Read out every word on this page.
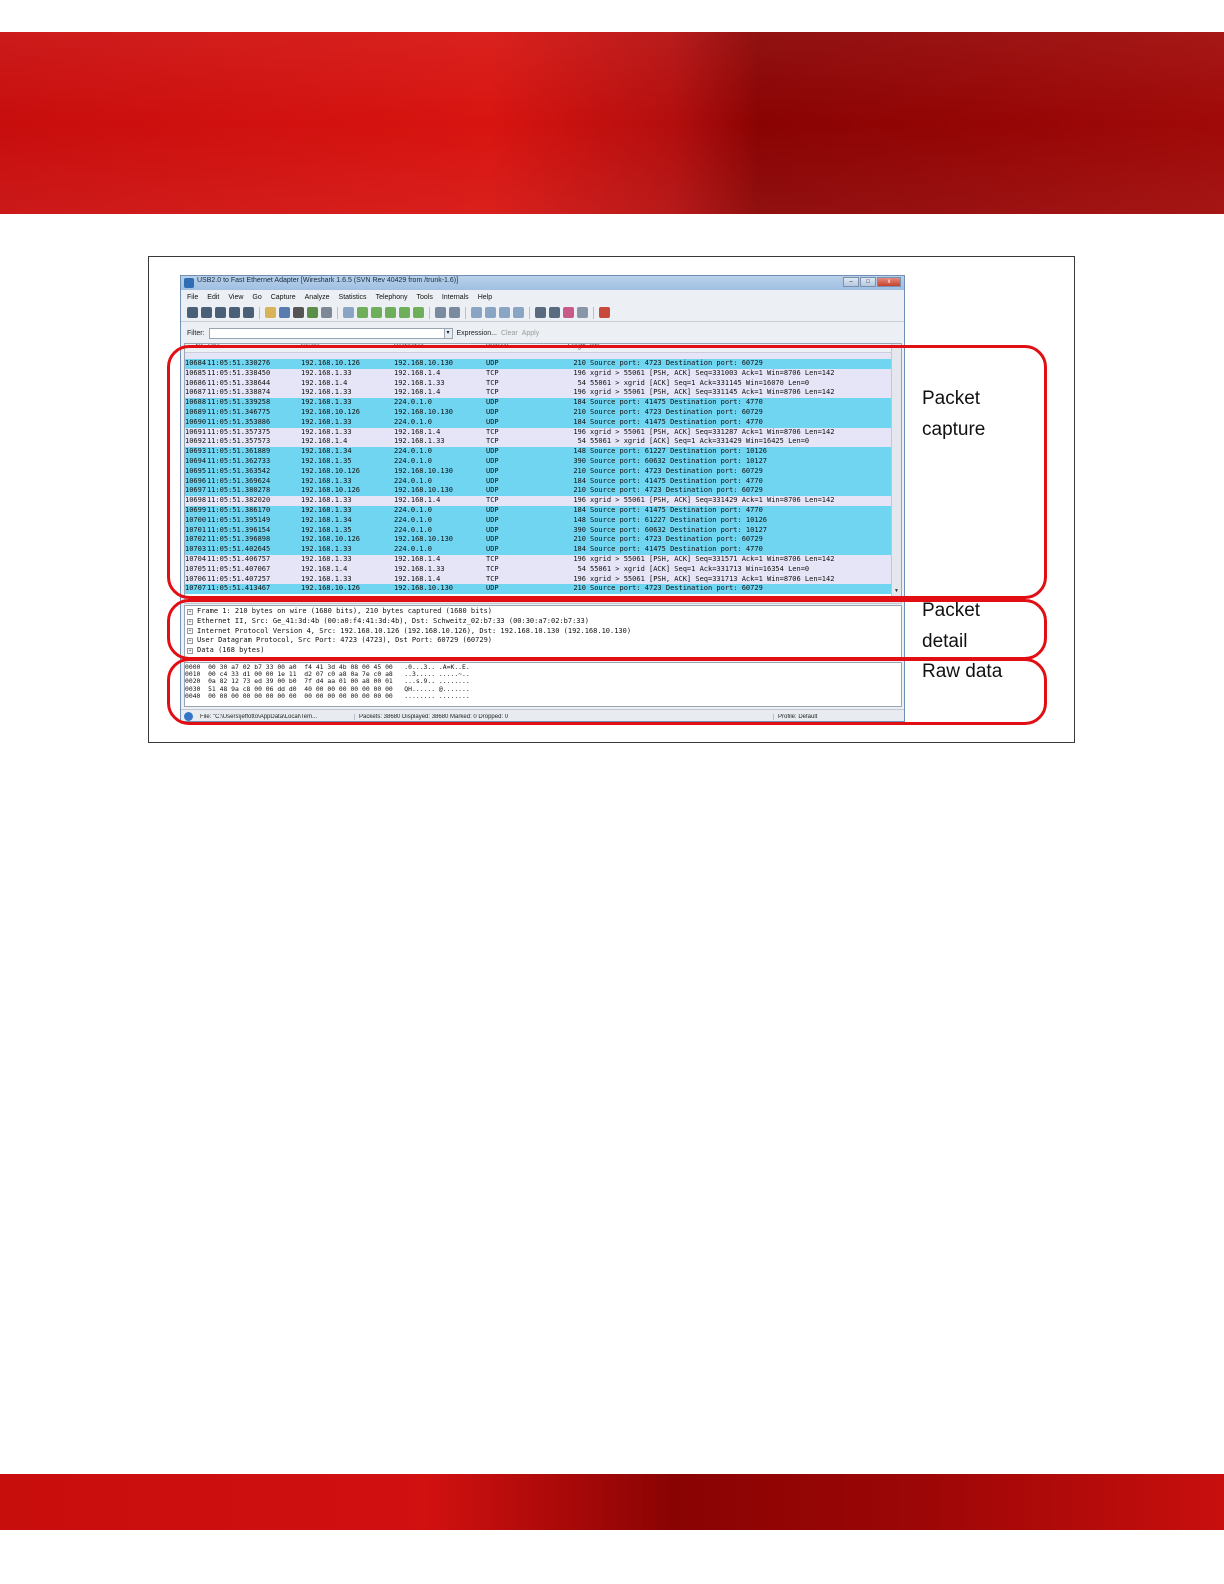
USB2.0 to Fast Ethernet Adapter [Wireshark 1.6.5 (SVN Rev 40429 from /trunk-1.6)]	–	□	x
File Edit View Go Capture Analyze Statistics Telephony Tools Internals Help
Filter:	▾	Expression... Clear Apply
No. Time	Source	Destination	Protocol	Length Info
10684 11:05:51.330276	192.168.10.126	192.168.10.130	UDP	210 Source port: 4723 Destination port: 60729
10685 11:05:51.338450	192.168.1.33	192.168.1.4	TCP	196 xgrid > 55061 [PSH, ACK] Seq=331003 Ack=1 Win=8706 Len=142
10686 11:05:51.338644	192.168.1.4	192.168.1.33	TCP	54 55061 > xgrid [ACK] Seq=1 Ack=331145 Win=16070 Len=0
10687 11:05:51.338874	192.168.1.33	192.168.1.4	TCP	196 xgrid > 55061 [PSH, ACK] Seq=331145 Ack=1 Win=8706 Len=142
10688 11:05:51.339258	192.168.1.33	224.0.1.0	UDP	184 Source port: 41475 Destination port: 4770
10689 11:05:51.346775	192.168.10.126	192.168.10.130	UDP	210 Source port: 4723 Destination port: 60729
10690 11:05:51.353886	192.168.1.33	224.0.1.0	UDP	184 Source port: 41475 Destination port: 4770
10691 11:05:51.357375	192.168.1.33	192.168.1.4	TCP	196 xgrid > 55061 [PSH, ACK] Seq=331287 Ack=1 Win=8706 Len=142
10692 11:05:51.357573	192.168.1.4	192.168.1.33	TCP	54 55061 > xgrid [ACK] Seq=1 Ack=331429 Win=16425 Len=0
10693 11:05:51.361889	192.168.1.34	224.0.1.0	UDP	148 Source port: 61227 Destination port: 10126
10694 11:05:51.362733	192.168.1.35	224.0.1.0	UDP	390 Source port: 60632 Destination port: 10127
10695 11:05:51.363542	192.168.10.126	192.168.10.130	UDP	210 Source port: 4723 Destination port: 60729
10696 11:05:51.369624	192.168.1.33	224.0.1.0	UDP	184 Source port: 41475 Destination port: 4770
10697 11:05:51.380278	192.168.10.126	192.168.10.130	UDP	210 Source port: 4723 Destination port: 60729
10698 11:05:51.382020	192.168.1.33	192.168.1.4	TCP	196 xgrid > 55061 [PSH, ACK] Seq=331429 Ack=1 Win=8706 Len=142
10699 11:05:51.386170	192.168.1.33	224.0.1.0	UDP	184 Source port: 41475 Destination port: 4770
10700 11:05:51.395149	192.168.1.34	224.0.1.0	UDP	148 Source port: 61227 Destination port: 10126
10701 11:05:51.396154	192.168.1.35	224.0.1.0	UDP	390 Source port: 60632 Destination port: 10127
10702 11:05:51.396898	192.168.10.126	192.168.10.130	UDP	210 Source port: 4723 Destination port: 60729
10703 11:05:51.402645	192.168.1.33	224.0.1.0	UDP	184 Source port: 41475 Destination port: 4770
10704 11:05:51.406757	192.168.1.33	192.168.1.4	TCP	196 xgrid > 55061 [PSH, ACK] Seq=331571 Ack=1 Win=8706 Len=142
10705 11:05:51.407067	192.168.1.4	192.168.1.33	TCP	54 55061 > xgrid [ACK] Seq=1 Ack=331713 Win=16354 Len=0
10706 11:05:51.407257	192.168.1.33	192.168.1.4	TCP	196 xgrid > 55061 [PSH, ACK] Seq=331713 Ack=1 Win=8706 Len=142
10707 11:05:51.413467	192.168.10.126	192.168.10.130	UDP	210 Source port: 4723 Destination port: 60729	▼
+ Frame 1: 210 bytes on wire (1680 bits), 210 bytes captured (1680 bits)
+ Ethernet II, Src: Ge_41:3d:4b (00:a0:f4:41:3d:4b), Dst: Schweitz_02:b7:33 (00:30:a7:02:b7:33)
+ Internet Protocol Version 4, Src: 192.168.10.126 (192.168.10.126), Dst: 192.168.10.130 (192.168.10.130)
+ User Datagram Protocol, Src Port: 4723 (4723), Dst Port: 60729 (60729)
+ Data (168 bytes)
0000  00 30 a7 02 b7 33 00 a0  f4 41 3d 4b 08 00 45 00   .0...3.. .A=K..E.
0010  00 c4 33 d1 00 00 1e 11  d2 07 c0 a8 0a 7e c0 a8   ..3..... .....~..
0020  0a 82 12 73 ed 39 00 b0  7f d4 aa 01 00 a8 00 01   ...s.9.. ........
0030  51 48 9a c8 00 06 dd d0  40 00 00 00 00 00 00 00   QH...... @.......
0040  00 00 00 00 00 00 00 00  00 00 00 00 00 00 00 00   ........ ........
File: "C:\Users\jeffotto\AppData\Local\Tem...	Packets: 38680 Displayed: 38680 Marked: 0 Dropped: 0	Profile: Default
Packet
capture
Packet
detail
Raw data
